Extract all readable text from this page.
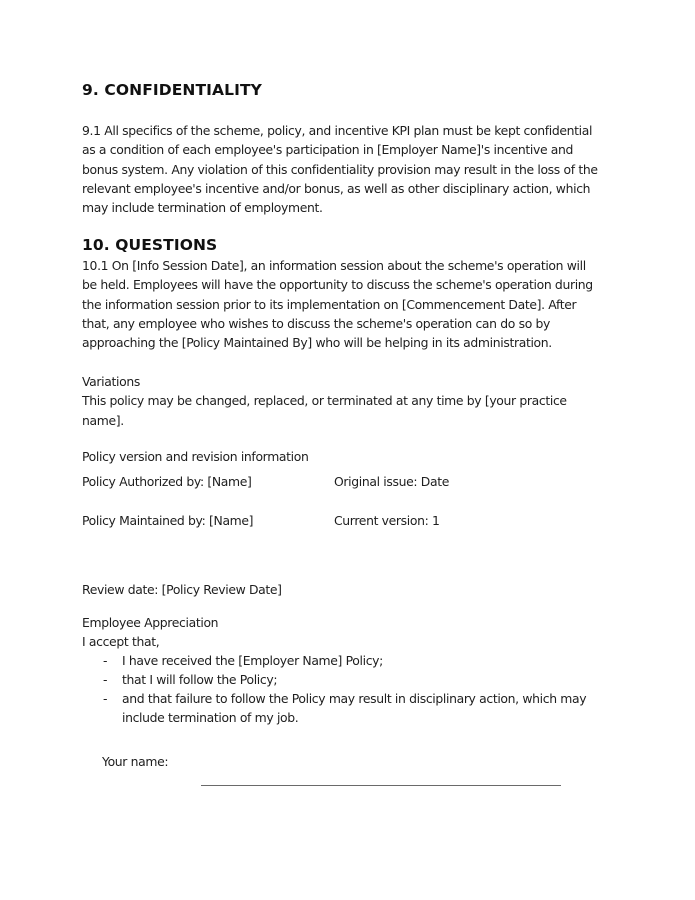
9. CONFIDENTIALITY
9.1 All specifics of the scheme, policy, and incentive KPI plan must be kept confidential
as a condition of each employee's participation in [Employer Name]'s incentive and
bonus system. Any violation of this confidentiality provision may result in the loss of the
relevant employee's incentive and/or bonus, as well as other disciplinary action, which
may include termination of employment.
10. QUESTIONS
10.1 On [Info Session Date], an information session about the scheme's operation will
be held. Employees will have the opportunity to discuss the scheme's operation during
the information session prior to its implementation on [Commencement Date]. After
that, any employee who wishes to discuss the scheme's operation can do so by
approaching the [Policy Maintained By] who will be helping in its administration.
Variations
This policy may be changed, replaced, or terminated at any time by [your practice
name].
Policy version and revision information
Policy Authorized by: [Name]	Original issue: Date
Policy Maintained by: [Name]	Current version: 1
Review date: [Policy Review Date]
Employee Appreciation
I accept that,
- I have received the [Employer Name] Policy;
- that I will follow the Policy;
- and that failure to follow the Policy may result in disciplinary action, which may
include termination of my job.
Your name:
